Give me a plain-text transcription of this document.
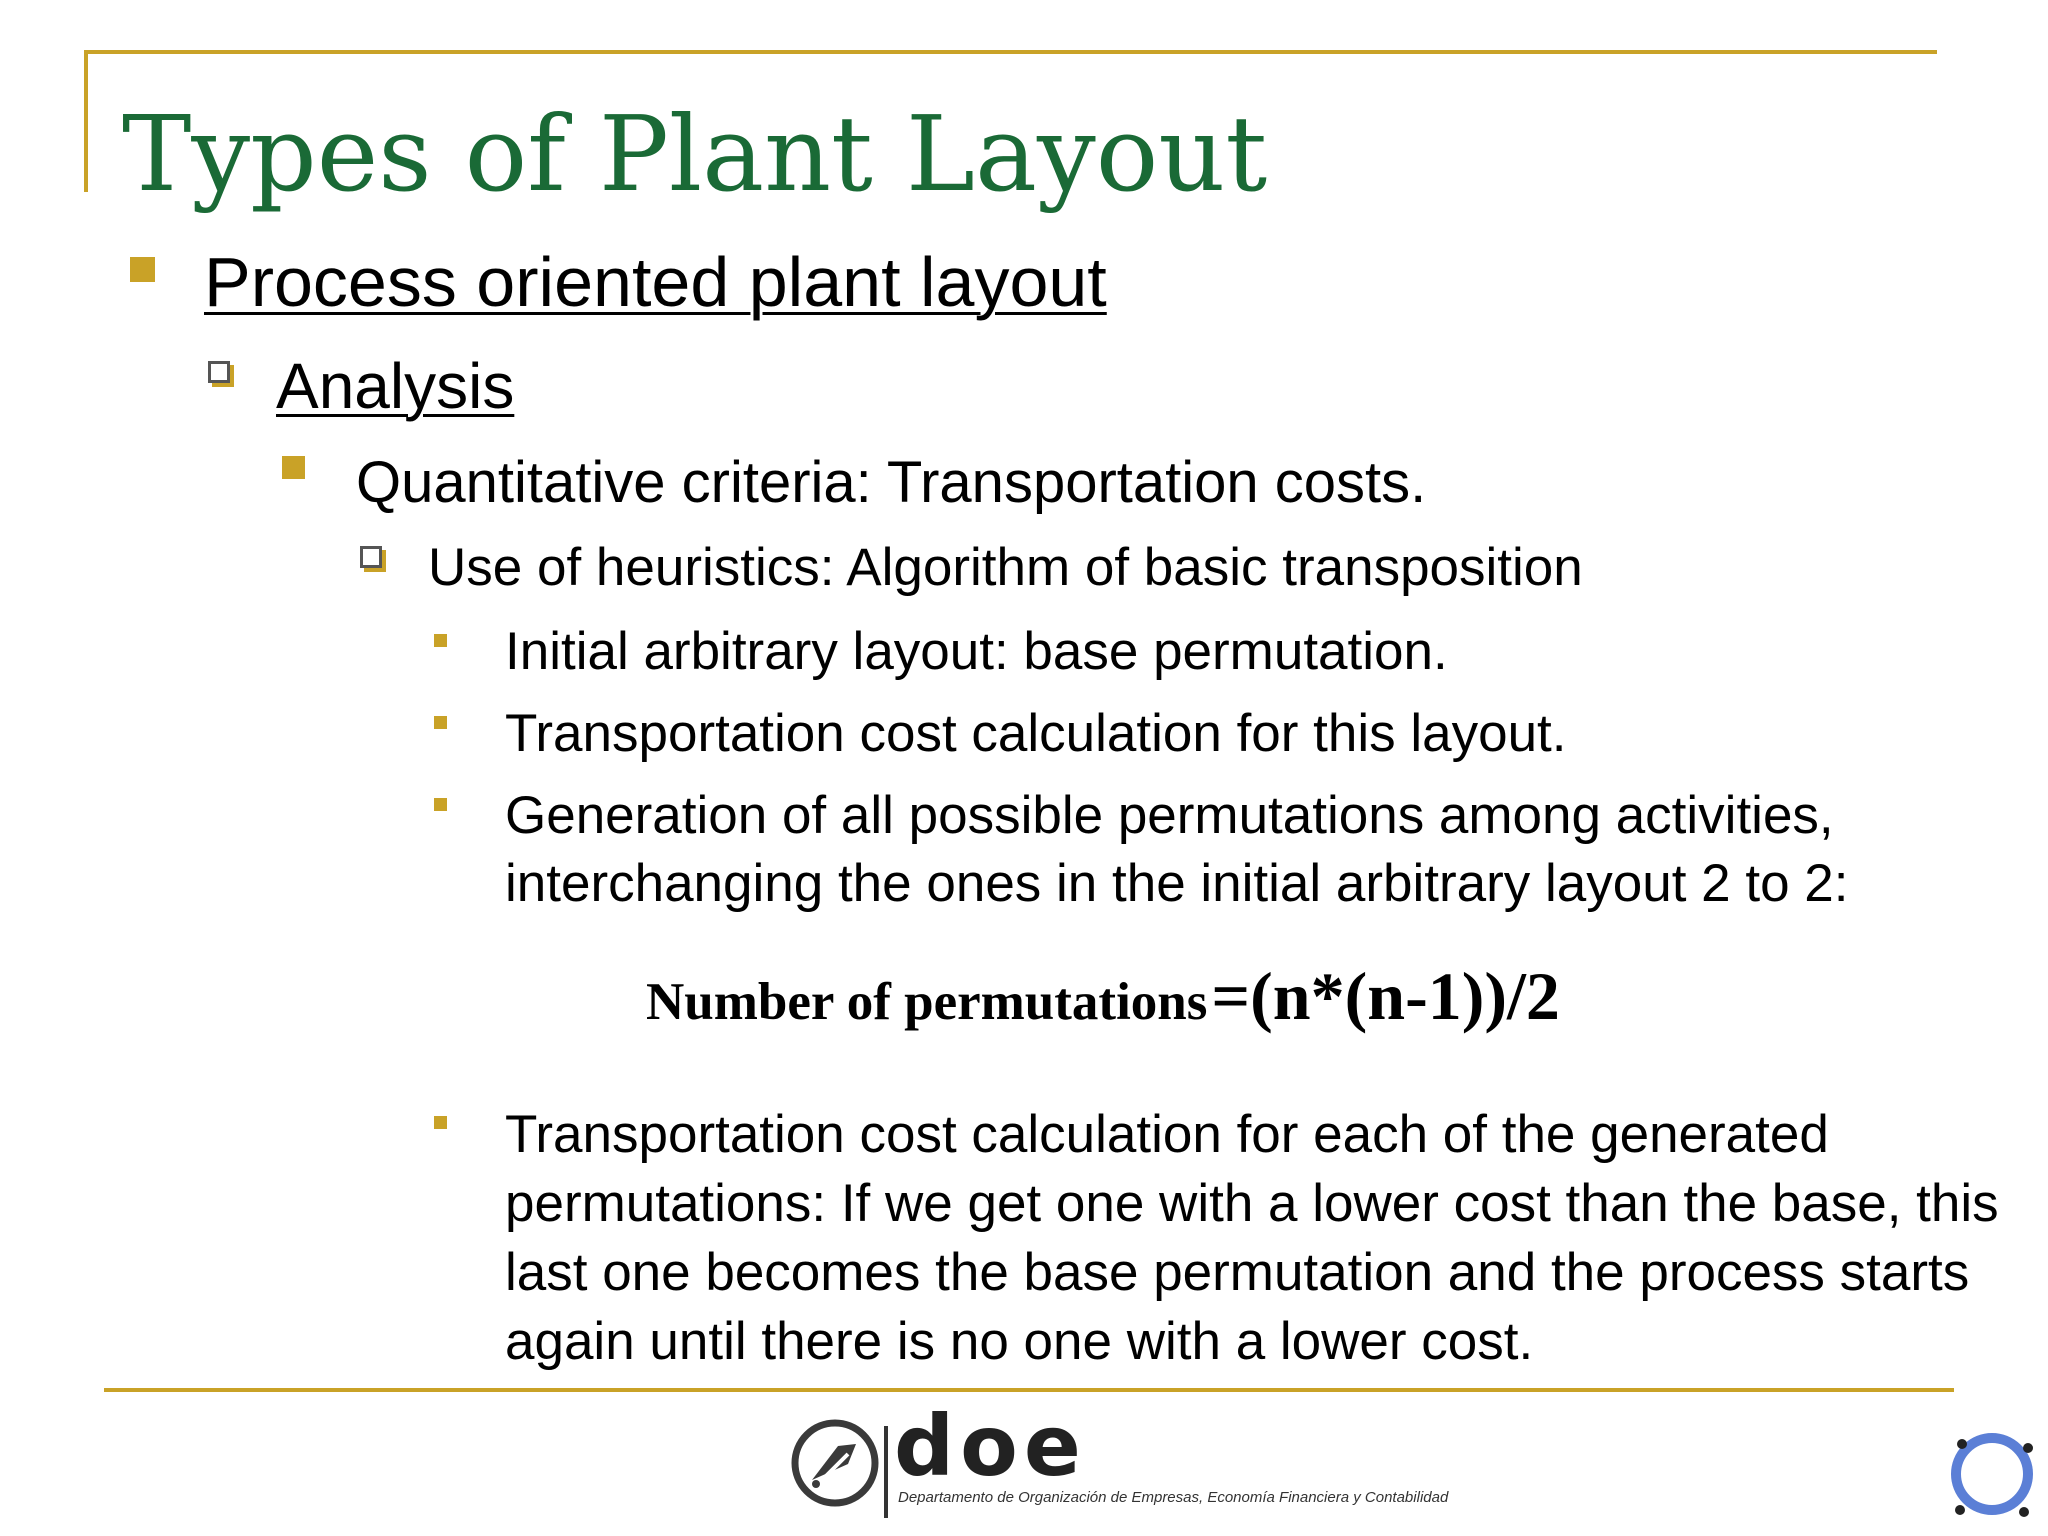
Types of Plant Layout
Process oriented plant layout
Analysis
Quantitative criteria: Transportation costs.
Use of heuristics: Algorithm of basic transposition
Initial arbitrary layout: base permutation.
Transportation cost calculation for this layout.
Generation of all possible permutations among activities, interchanging the ones in the initial arbitrary layout 2 to 2:
Number of permutations =(n*(n-1))/2
Transportation cost calculation for each of the generated permutations: If we get one with a lower cost than the base, this last one becomes the base permutation and the process starts again until there is no one with a lower cost.
doe
Departamento de Organización de Empresas, Economía Financiera y Contabilidad
